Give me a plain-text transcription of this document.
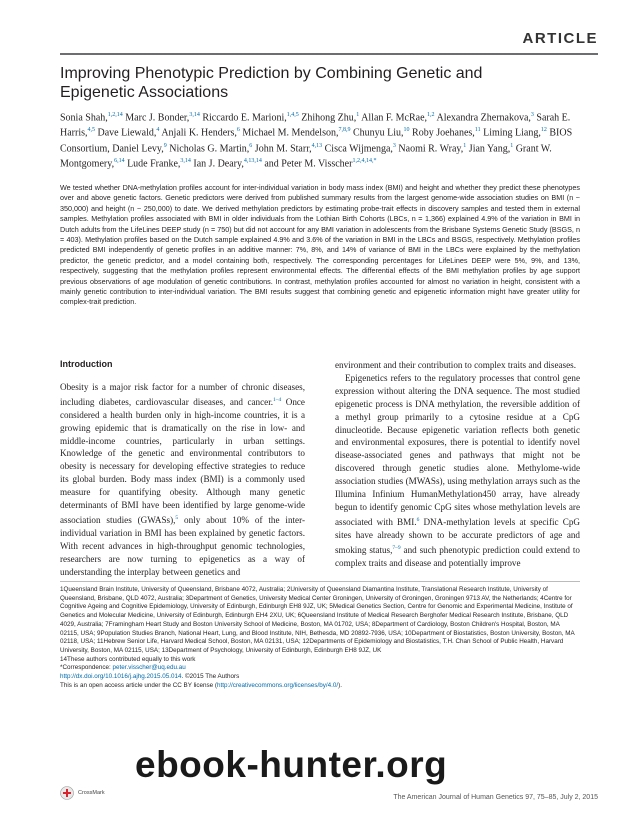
ARTICLE
Improving Phenotypic Prediction by Combining Genetic and Epigenetic Associations

Sonia Shah,$^{1,2,14}$ Marc J. Bonder,$^{3,14}$ Riccardo E. Marioni,$^{1,4,5}$ Zhihong Zhu,$^1$ Allan F. McRae,$^{1,2}$ Alexandra Zhernakova,$^3$ Sarah E. Harris,$^{4,5}$ Dave Liewald,$^4$ Anjali K. Henders,$^6$ Michael M. Mendelson,$^{7,8,9}$ Chunyu Liu,$^{10}$ Roby Joehanes,$^{11}$ Liming Liang,$^{12}$ BIOS Consortium, Daniel Levy,$^9$ Nicholas G. Martin,$^6$ John M. Starr,$^{4,13}$ Cisca Wijmenga,$^3$ Naomi R. Wray,$^1$ Jian Yang,$^1$ Grant W. Montgomery,$^{6,14}$ Lude Franke,$^{3,14}$ Ian J. Deary,$^{4,13,14}$ and Peter M. Visscher$^{1,2,4,14,*}$

We tested whether DNA-methylation profiles account for inter-individual variation in body mass index (BMI) and height and whether they predict these phenotypes over and above genetic factors. Genetic predictors were derived from published summary results from the largest genome-wide association studies on BMI (n ~ 350,000) and height (n ~ 250,000) to date. We derived methylation predictors by estimating probe-trait effects in discovery samples and tested them in external samples. Methylation profiles associated with BMI in older individuals from the Lothian Birth Cohorts (LBCs, n = 1,366) explained 4.9% of the variation in BMI in Dutch adults from the LifeLines DEEP study (n = 750) but did not account for any BMI variation in adolescents from the Brisbane Systems Genetic Study (BSGS, n = 403). Methylation profiles based on the Dutch sample explained 4.9% and 3.6% of the variation in BMI in the LBCs and BSGS, respectively. Methylation profiles predicted BMI independently of genetic profiles in an additive manner: 7%, 8%, and 14% of variance of BMI in the LBCs were explained by the methylation predictor, the genetic predictor, and a model containing both, respectively. The corresponding percentages for LifeLines DEEP were 5%, 9%, and 13%, respectively, suggesting that the methylation profiles represent environmental effects. The differential effects of the BMI methylation profiles by age support previous observations of age modulation of genetic contributions. In contrast, methylation profiles accounted for almost no variation in height, consistent with a mainly genetic contribution to inter-individual variation. The BMI results suggest that combining genetic and epigenetic information might have greater utility for complex-trait prediction.

Introduction

Obesity is a major risk factor for a number of chronic diseases, including diabetes, cardiovascular diseases, and cancer.$^{1-4}$ Once considered a health burden only in high-income countries, it is a growing epidemic that is dramatically on the rise in low- and middle-income countries, particularly in urban settings. Knowledge of the genetic and environmental contributors to obesity is necessary for developing effective strategies to reduce its global burden. Body mass index (BMI) is a commonly used measure for quantifying obesity. Although many genetic determinants of BMI have been identified by large genome-wide association studies (GWASs),$^5$ only about 10% of the inter-individual variation in BMI has been explained by genetic factors. With recent advances in high-throughput genomic technologies, researchers are now turning to epigenetics as a way of understanding the interplay between genetics and

environment and their contribution to complex traits and diseases.

Epigenetics refers to the regulatory processes that control gene expression without altering the DNA sequence. The most studied epigenetic process is DNA methylation, the reversible addition of a methyl group primarily to a cytosine residue at a CpG dinucleotide. Because epigenetic variation reflects both genetic and environmental exposures, there is potential to identify novel disease-associated genes and pathways that might not be discovered through genetic studies alone. Methylome-wide association studies (MWASs), using methylation arrays such as the Illumina Infinium HumanMethylation450 array, have already begun to identify genomic CpG sites whose methylation levels are associated with BMI.$^6$ DNA-methylation levels at specific CpG sites have already shown to be accurate predictors of age and smoking status,$^{7-9}$ and such phenotypic prediction could extend to complex traits and disease and potentially improve

1Queensland Brain Institute, University of Queensland, Brisbane 4072, Australia; 2University of Queensland Diamantina Institute, Translational Research Institute, University of Queensland, Brisbane, QLD 4072, Australia; 3Department of Genetics, University Medical Center Groningen, University of Groningen, Groningen 9713 AV, the Netherlands; 4Centre for Cognitive Ageing and Cognitive Epidemiology, University of Edinburgh, Edinburgh EH8 9JZ, UK; 5Medical Genetics Section, Centre for Genomic and Experimental Medicine, Institute of Genetics and Molecular Medicine, University of Edinburgh, Edinburgh EH4 2XU, UK; 6Queensland Institute of Medical Research Berghofer Medical Research Institute, Brisbane, QLD 4029, Australia; 7Framingham Heart Study and Boston University School of Medicine, Boston, MA 01702, USA; 8Department of Cardiology, Boston Children's Hospital, Boston, MA 02115, USA; 9Population Studies Branch, National Heart, Lung, and Blood Institute, NIH, Bethesda, MD 20892-7936, USA; 10Department of Biostatistics, Boston University, Boston, MA 02118, USA; 11Hebrew Senior Life, Harvard Medical School, Boston, MA 02131, USA; 12Departments of Epidemiology and Biostatistics, T.H. Chan School of Public Health, Harvard University, Boston, MA 02115, USA; 13Department of Psychology, University of Edinburgh, Edinburgh EH8 9JZ, UK
14These authors contributed equally to this work
*Correspondence: peter.visscher@uq.edu.au
http://dx.doi.org/10.1016/j.ajhg.2015.05.014. ©2015 The Authors
This is an open access article under the CC BY license (http://creativecommons.org/licenses/by/4.0/).
CrossMark
The American Journal of Human Genetics 97, 75–85, July 2, 2015
ebook-hunter.org
